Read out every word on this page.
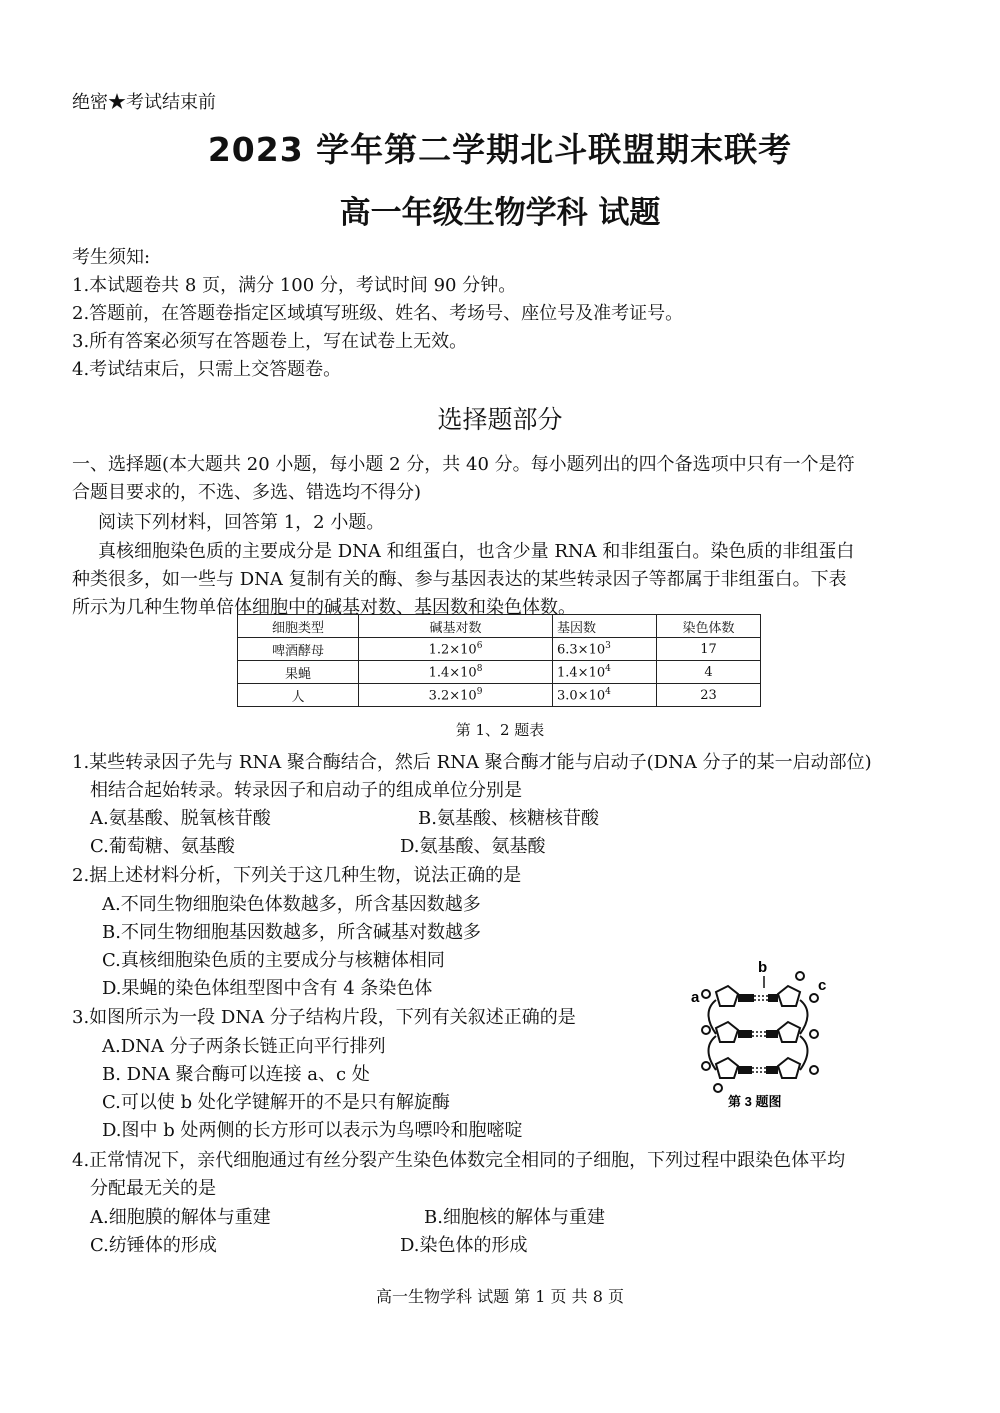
绝密★考试结束前
2023 学年第二学期北斗联盟期末联考
高一年级生物学科 试题
考生须知:
1.本试题卷共 8 页，满分 100 分，考试时间 90 分钟。
2.答题前，在答题卷指定区域填写班级、姓名、考场号、座位号及准考证号。
3.所有答案必须写在答题卷上，写在试卷上无效。
4.考试结束后，只需上交答题卷。
选择题部分
一、选择题(本大题共 20 小题，每小题 2 分，共 40 分。每小题列出的四个备选项中只有一个是符
合题目要求的，不选、多选、错选均不得分)
阅读下列材料，回答第 1，2 小题。
真核细胞染色质的主要成分是 DNA 和组蛋白，也含少量 RNA 和非组蛋白。染色质的非组蛋白
种类很多，如一些与 DNA 复制有关的酶、参与基因表达的某些转录因子等都属于非组蛋白。下表
所示为几种生物单倍体细胞中的碱基对数、基因数和染色体数。
细胞类型	碱基对数	基因数	染色体数
啤酒酵母	$1.2\times 10^6$	$6.3\times 10^3$	17
果蝇	$1.4\times 10^8$	$1.4\times 10^4$	4
人	$3.2\times 10^9$	$3.0\times 10^4$	23
第 1、2 题表
1.某些转录因子先与 RNA 聚合酶结合，然后 RNA 聚合酶才能与启动子(DNA 分子的某一启动部位)
相结合起始转录。转录因子和启动子的组成单位分别是
A.氨基酸、脱氧核苷酸	B.氨基酸、核糖核苷酸
C.葡萄糖、氨基酸	D.氨基酸、氨基酸
2.据上述材料分析，下列关于这几种生物，说法正确的是
A.不同生物细胞染色体数越多，所含基因数越多
B.不同生物细胞基因数越多，所含碱基对数越多
C.真核细胞染色质的主要成分与核糖体相同
D.果蝇的染色体组型图中含有 4 条染色体
3.如图所示为一段 DNA 分子结构片段，下列有关叙述正确的是
A.DNA 分子两条长链正向平行排列
B. DNA 聚合酶可以连接 a、c 处
C.可以使 b 处化学键解开的不是只有解旋酶
D.图中 b 处两侧的长方形可以表示为鸟嘌呤和胞嘧啶
b
a
c
第 3 题图
4.正常情况下，亲代细胞通过有丝分裂产生染色体数完全相同的子细胞，下列过程中跟染色体平均
分配最无关的是
A.细胞膜的解体与重建	B.细胞核的解体与重建
C.纺锤体的形成	D.染色体的形成
高一生物学科 试题 第 1 页 共 8 页
